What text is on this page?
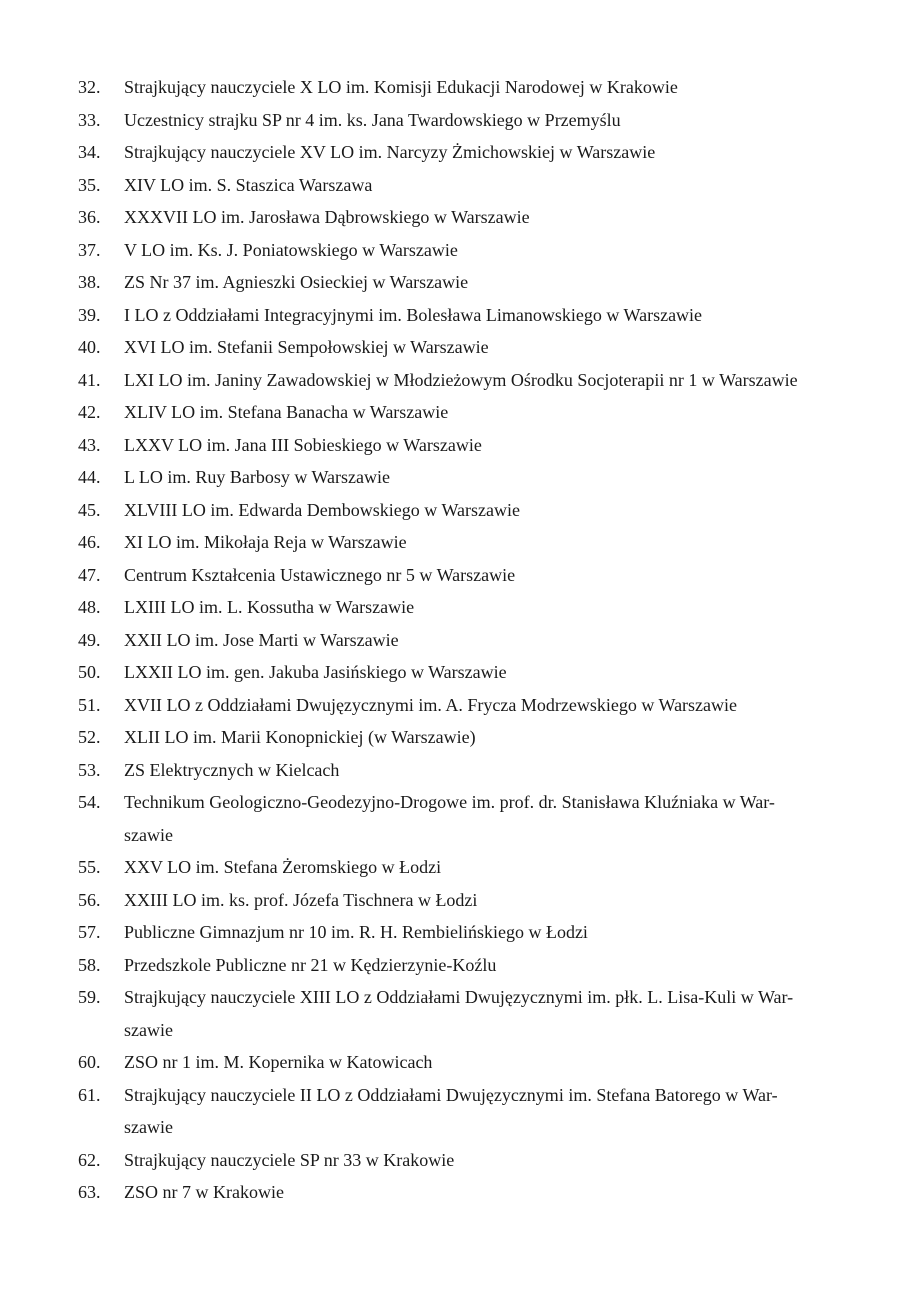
32.	Strajkujący nauczyciele X LO im. Komisji Edukacji Narodowej w Krakowie
33.	Uczestnicy strajku SP nr 4 im. ks. Jana Twardowskiego w Przemyślu
34.	Strajkujący nauczyciele XV LO im. Narcyzy Żmichowskiej w Warszawie
35.	XIV LO im. S. Staszica Warszawa
36.	XXXVII LO im. Jarosława Dąbrowskiego w Warszawie
37.	V LO im. Ks. J. Poniatowskiego w Warszawie
38.	ZS Nr 37 im. Agnieszki Osieckiej w Warszawie
39.	I LO z Oddziałami Integracyjnymi im. Bolesława Limanowskiego w Warszawie
40.	XVI LO im. Stefanii Sempołowskiej w Warszawie
41.	LXI LO im. Janiny Zawadowskiej w Młodzieżowym Ośrodku Socjoterapii nr 1 w Warszawie
42.	XLIV LO im. Stefana Banacha w Warszawie
43.	LXXV LO im. Jana III Sobieskiego w Warszawie
44.	L LO im. Ruy Barbosy w Warszawie
45.	XLVIII LO im. Edwarda Dembowskiego w Warszawie
46.	XI LO im. Mikołaja Reja w Warszawie
47.	Centrum Kształcenia Ustawicznego nr 5 w Warszawie
48.	LXIII LO im. L. Kossutha w Warszawie
49.	XXII LO im. Jose Marti w Warszawie
50.	LXXII LO im. gen. Jakuba Jasińskiego w Warszawie
51.	XVII LO z Oddziałami Dwujęzycznymi im. A. Frycza Modrzewskiego w Warszawie
52.	XLII LO im. Marii Konopnickiej (w Warszawie)
53.	ZS Elektrycznych w Kielcach
54.	Technikum Geologiczno-Geodezyjno-Drogowe im. prof. dr. Stanisława Kluźniaka w War-
szawie
55.	XXV LO im. Stefana Żeromskiego w Łodzi
56.	XXIII LO im. ks. prof. Józefa Tischnera w Łodzi
57.	Publiczne Gimnazjum nr 10 im. R. H. Rembielińskiego w Łodzi
58.	Przedszkole Publiczne nr 21 w Kędzierzynie-Koźlu
59.	Strajkujący nauczyciele XIII LO z Oddziałami Dwujęzycznymi im. płk. L. Lisa-Kuli w War-
szawie
60.	ZSO nr 1 im. M. Kopernika w Katowicach
61.	Strajkujący nauczyciele II LO z Oddziałami Dwujęzycznymi im. Stefana Batorego w War-
szawie
62.	Strajkujący nauczyciele SP nr 33 w Krakowie
63.	ZSO nr 7 w Krakowie
